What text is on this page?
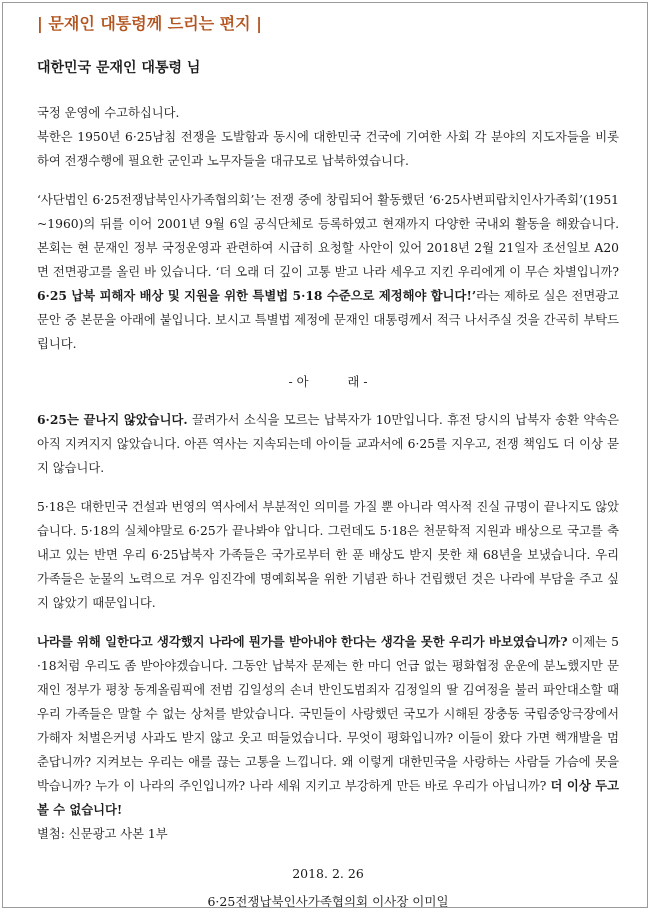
| 문재인 대통령께 드리는 편지 |
대한민국 문재인 대통령 님

국정 운영에 수고하십니다.
북한은 1950년 6·25남침 전쟁을 도발함과 동시에 대한민국 건국에 기여한 사회 각 분야의 지도자들을 비롯하여 전쟁수행에 필요한 군인과 노무자들을 대규모로 납북하였습니다.

‘사단법인 6·25전쟁납북인사가족협의회’는 전쟁 중에 창립되어 활동했던 ‘6·25사변피랍치인사가족회’(1951~1960)의 뒤를 이어 2001년 9월 6일 공식단체로 등록하였고 현재까지 다양한 국내외 활동을 해왔습니다. 본회는 현 문재인 정부 국정운영과 관련하여 시급히 요청할 사안이 있어 2018년 2월 21일자 조선일보 A20면 전면광고를 올린 바 있습니다. ‘더 오래 더 깊이 고통 받고 나라 세우고 지킨 우리에게 이 무슨 차별입니까? 6·25 납북 피해자 배상 및 지원을 위한 특별법 5·18 수준으로 제정해야 합니다!’라는 제하로 실은 전면광고 문안 중 본문을 아래에 붙입니다. 보시고 특별법 제정에 문재인 대통령께서 적극 나서주실 것을 간곡히 부탁드립니다.

- 아          래 -

6·25는 끝나지 않았습니다. 끌려가서 소식을 모르는 납북자가 10만입니다. 휴전 당시의 납북자 송환 약속은 아직 지켜지지 않았습니다. 아픈 역사는 지속되는데 아이들 교과서에 6·25를 지우고, 전쟁 책임도 더 이상 묻지 않습니다.

5·18은 대한민국 건설과 번영의 역사에서 부분적인 의미를 가질 뿐 아니라 역사적 진실 규명이 끝나지도 않았습니다. 5·18의 실체야말로 6·25가 끝나봐야 압니다. 그런데도 5·18은 천문학적 지원과 배상으로 국고를 축내고 있는 반면 우리 6·25납북자 가족들은 국가로부터 한 푼 배상도 받지 못한 채 68년을 보냈습니다. 우리 가족들은 눈물의 노력으로 겨우 임진각에 명예회복을 위한 기념관 하나 건립했던 것은 나라에 부담을 주고 싶지 않았기 때문입니다.

나라를 위해 일한다고 생각했지 나라에 뭔가를 받아내야 한다는 생각을 못한 우리가 바보였습니까? 이제는 5·18처럼 우리도 좀 받아야겠습니다. 그동안 납북자 문제는 한 마디 언급 없는 평화협정 운운에 분노했지만 문재인 정부가 평창 동계올림픽에 전범 김일성의 손녀 반인도범죄자 김정일의 딸 김여정을 불러 파안대소할 때 우리 가족들은 말할 수 없는 상처를 받았습니다. 국민들이 사랑했던 국모가 시해된 장충동 국립중앙극장에서 가해자 처벌은커녕 사과도 받지 않고 웃고 떠들었습니다. 무엇이 평화입니까? 이들이 왔다 가면 핵개발을 멈춘답니까? 지켜보는 우리는 애를 끊는 고통을 느낍니다. 왜 이렇게 대한민국을 사랑하는 사람들 가슴에 못을 박습니까? 누가 이 나라의 주인입니까? 나라 세워 지키고 부강하게 만든 바로 우리가 아닙니까? 더 이상 두고 볼 수 없습니다!

별첨: 신문광고 사본 1부
2018. 2. 26
6·25전쟁납북인사가족협의회 이사장 이미일
